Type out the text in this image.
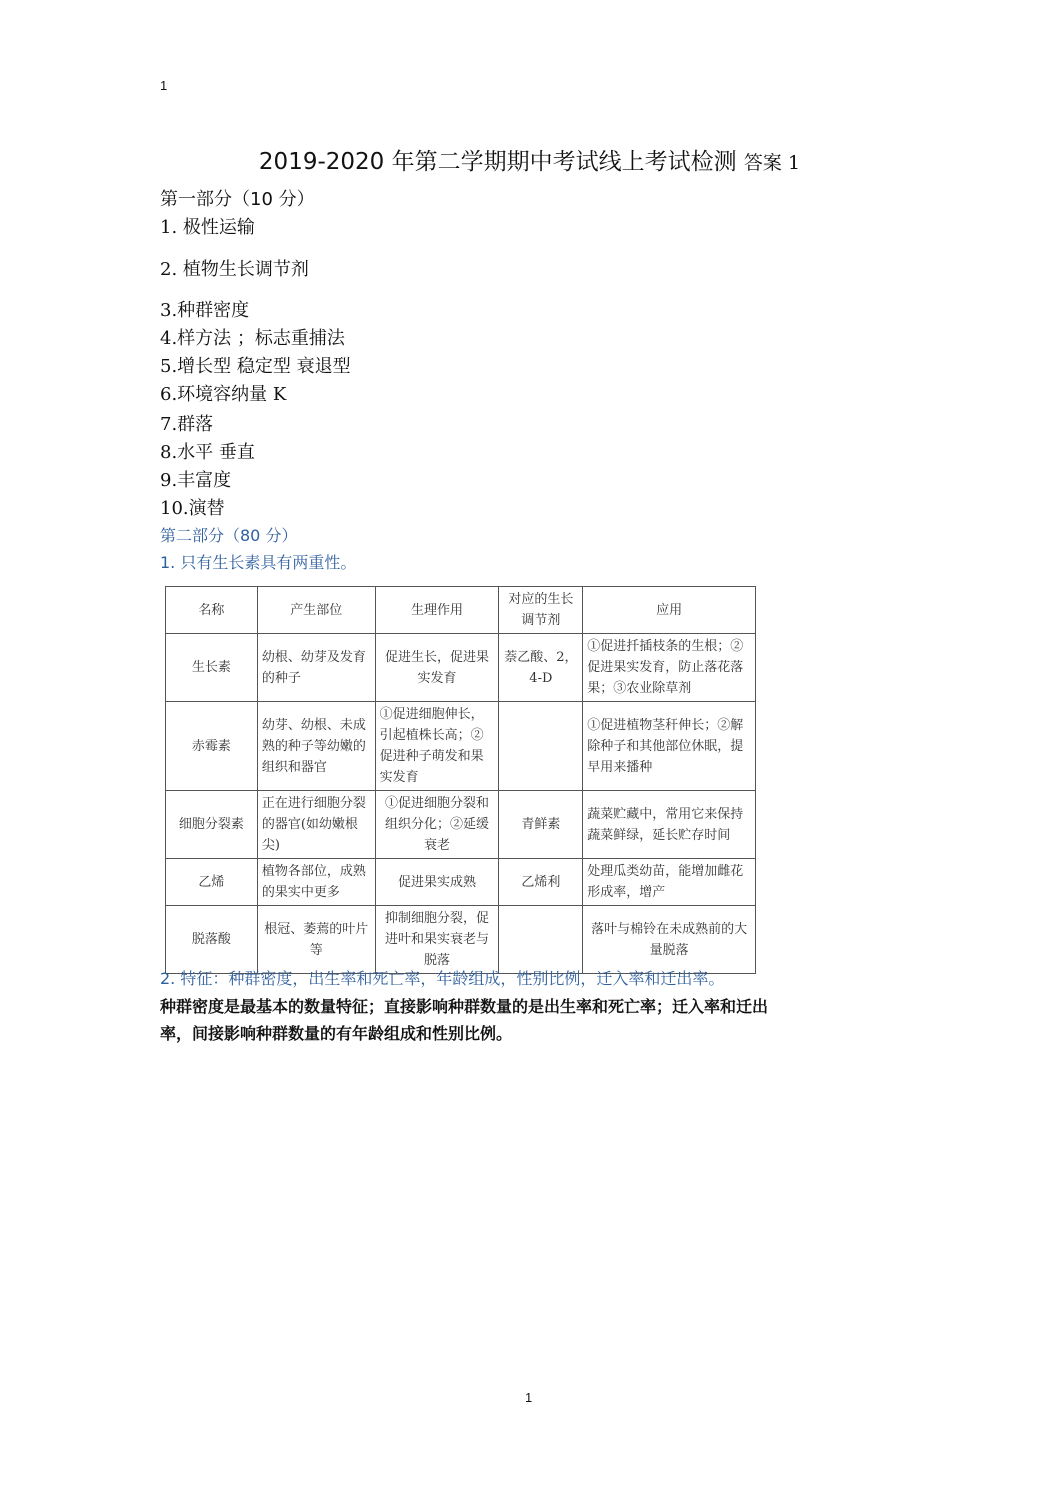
1
2019-2020 年第二学期期中考试线上考试检测 答案 1
第一部分（10 分）
1. 极性运输
2. 植物生长调节剂
3.种群密度
4.样方法 ；标志重捕法
5.增长型 稳定型 衰退型
6.环境容纳量 K
7.群落
8.水平 垂直
9.丰富度
10.演替
第二部分（80 分）
1. 只有生长素具有两重性。
名称	产生部位	生理作用	对应的生长调节剂	应用
生长素	幼根、幼芽及发育的种子	促进生长，促进果实发育	萘乙酸、2，4-D	①促进扦插枝条的生根；②促进果实发育，防止落花落果；③农业除草剂
赤霉素	幼芽、幼根、未成熟的种子等幼嫩的组织和器官	①促进细胞伸长，引起植株长高；②促进种子萌发和果实发育		①促进植物茎秆伸长；②解除种子和其他部位休眠，提早用来播种
细胞分裂素	正在进行细胞分裂的器官(如幼嫩根尖)	①促进细胞分裂和组织分化；②延缓衰老	青鲜素	蔬菜贮藏中，常用它来保持蔬菜鲜绿，延长贮存时间
乙烯	植物各部位，成熟的果实中更多	促进果实成熟	乙烯利	处理瓜类幼苗，能增加雌花形成率，增产
脱落酸	根冠、萎蔫的叶片等	抑制细胞分裂，促进叶和果实衰老与脱落		落叶与棉铃在未成熟前的大量脱落
2. 特征：种群密度，出生率和死亡率，年龄组成，性别比例，迁入率和迁出率。
种群密度是最基本的数量特征；直接影响种群数量的是出生率和死亡率；迁入率和迁出
率，间接影响种群数量的有年龄组成和性别比例。
1
